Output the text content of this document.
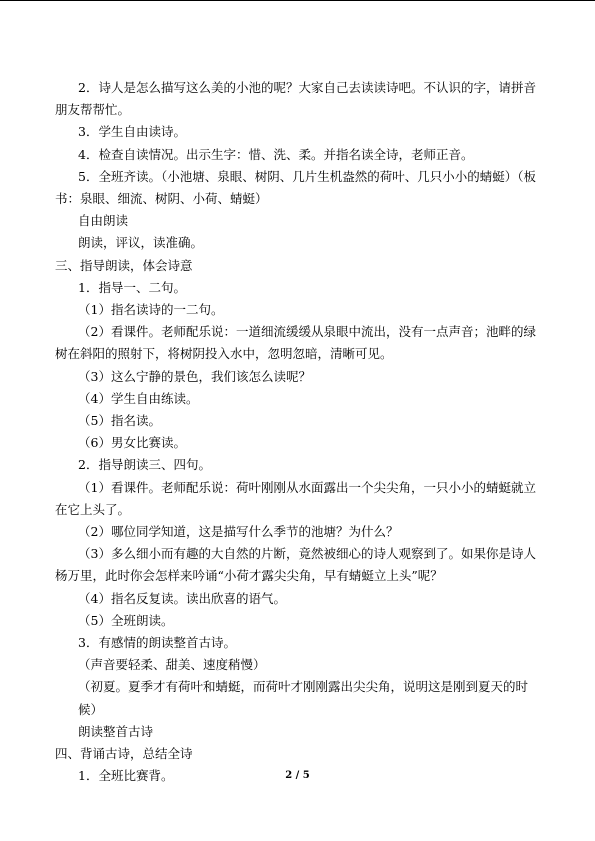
2．诗人是怎么描写这么美的小池的呢？大家自己去读读诗吧。不认识的字，请拼音朋友帮帮忙。

3．学生自由读诗。

4．检查自读情况。出示生字：惜、洗、柔。并指名读全诗，老师正音。

5．全班齐读。（小池塘、泉眼、树阴、几片生机盎然的荷叶、几只小小的蜻蜓）（板书：泉眼、细流、树阴、小荷、蜻蜓）

自由朗读

朗读，评议，读准确。

三、指导朗读，体会诗意

1．指导一、二句。

（1）指名读诗的一二句。

（2）看课件。老师配乐说：一道细流缓缓从泉眼中流出，没有一点声音；池畔的绿树在斜阳的照射下，将树阴投入水中，忽明忽暗，清晰可见。

（3）这么宁静的景色，我们该怎么读呢？

（4）学生自由练读。

（5）指名读。

（6）男女比赛读。

2．指导朗读三、四句。

（1）看课件。老师配乐说：荷叶刚刚从水面露出一个尖尖角，一只小小的蜻蜓就立在它上头了。

（2）哪位同学知道，这是描写什么季节的池塘？为什么？

（3）多么细小而有趣的大自然的片断，竟然被细心的诗人观察到了。如果你是诗人杨万里，此时你会怎样来吟诵“小荷才露尖尖角，早有蜻蜓立上头”呢？

（4）指名反复读。读出欣喜的语气。

（5）全班朗读。

3．有感情的朗读整首古诗。

（声音要轻柔、甜美、速度稍慢）

（初夏。夏季才有荷叶和蜻蜓，而荷叶才刚刚露出尖尖角，说明这是刚到夏天的时候）

朗读整首古诗

四、背诵古诗，总结全诗

1．全班比赛背。	2 / 5
